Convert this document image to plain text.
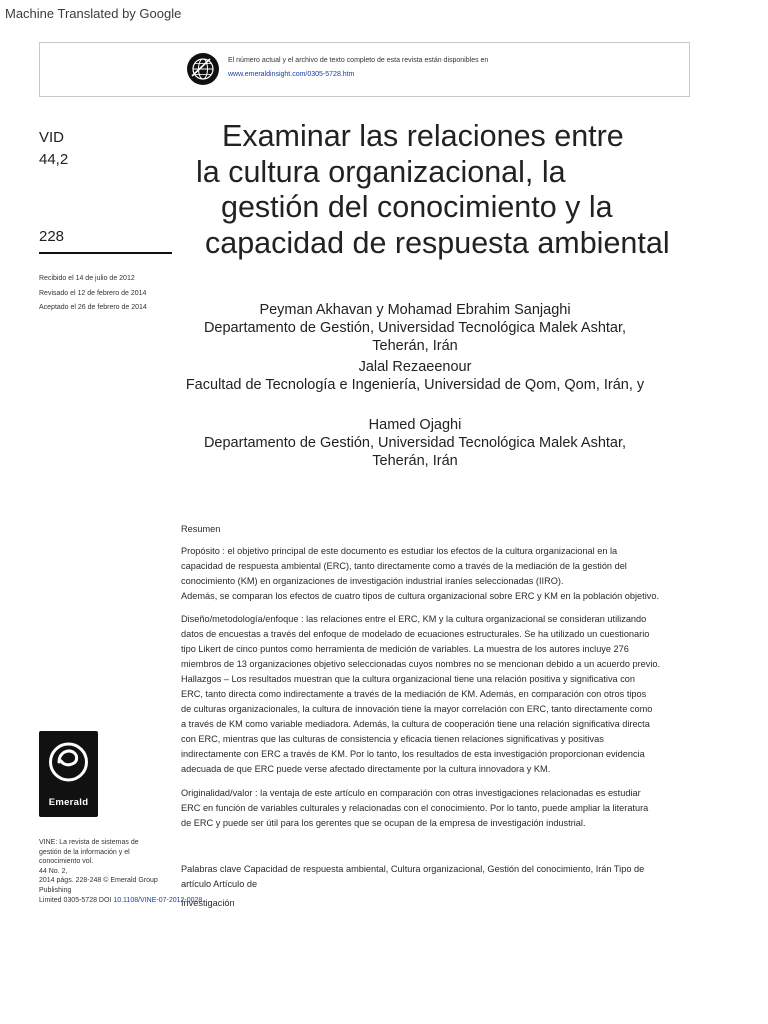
Machine Translated by Google
El número actual y el archivo de texto completo de esta revista están disponibles en
www.emeraldinsight.com/0305-5728.htm
VID
44,2
228
Recibido el 14 de julio de 2012
Revisado el 12 de febrero de 2014
Aceptado el 26 de febrero de 2014
Examinar las relaciones entre
la cultura organizacional, la
gestión del conocimiento y la
capacidad de respuesta ambiental
Peyman Akhavan y Mohamad Ebrahim Sanjaghi
Departamento de Gestión, Universidad Tecnológica Malek Ashtar,
Teherán, Irán
Jalal Rezaeenour
Facultad de Tecnología e Ingeniería, Universidad de Qom, Qom, Irán, y
Hamed Ojaghi
Departamento de Gestión, Universidad Tecnológica Malek Ashtar,
Teherán, Irán

Resumen

Propósito : el objetivo principal de este documento es estudiar los efectos de la cultura organizacional en la
capacidad de respuesta ambiental (ERC), tanto directamente como a través de la mediación de la gestión del
conocimiento (KM) en organizaciones de investigación industrial iraníes seleccionadas (IIRO).
Además, se comparan los efectos de cuatro tipos de cultura organizacional sobre ERC y KM en la población objetivo.
Diseño/metodología/enfoque : las relaciones entre el ERC, KM y la cultura organizacional se consideran utilizando
datos de encuestas a través del enfoque de modelado de ecuaciones estructurales. Se ha utilizado un cuestionario
tipo Likert de cinco puntos como herramienta de medición de variables. La muestra de los autores incluye 276
miembros de 13 organizaciones objetivo seleccionadas cuyos nombres no se mencionan debido a un acuerdo previo.
Hallazgos – Los resultados muestran que la cultura organizacional tiene una relación positiva y significativa con
ERC, tanto directa como indirectamente a través de la mediación de KM. Además, en comparación con otros tipos
de culturas organizacionales, la cultura de innovación tiene la mayor correlación con ERC, tanto directamente como
a través de KM como variable mediadora. Además, la cultura de cooperación tiene una relación significativa directa
con ERC, mientras que las culturas de consistencia y eficacia tienen relaciones significativas y positivas
indirectamente con ERC a través de KM. Por lo tanto, los resultados de esta investigación proporcionan evidencia
adecuada de que ERC puede verse afectado directamente por la cultura innovadora y KM.
Originalidad/valor : la ventaja de este artículo en comparación con otras investigaciones relacionadas es estudiar
ERC en función de variables culturales y relacionadas con el conocimiento. Por lo tanto, puede ampliar la literatura
de ERC y puede ser útil para los gerentes que se ocupan de la empresa de investigación industrial.
Palabras clave Capacidad de respuesta ambiental, Cultura organizacional, Gestión del conocimiento, Irán Tipo de
artículo Artículo de
Investigación
Emerald
VINE: La revista de sistemas de
gestión de la información y el
conocimiento vol.
44 No. 2,
2014 págs. 228-248 © Emerald Group
Publishing
Limited 0305-5728 DOI 10.1108/VINE-07-2012-0028
